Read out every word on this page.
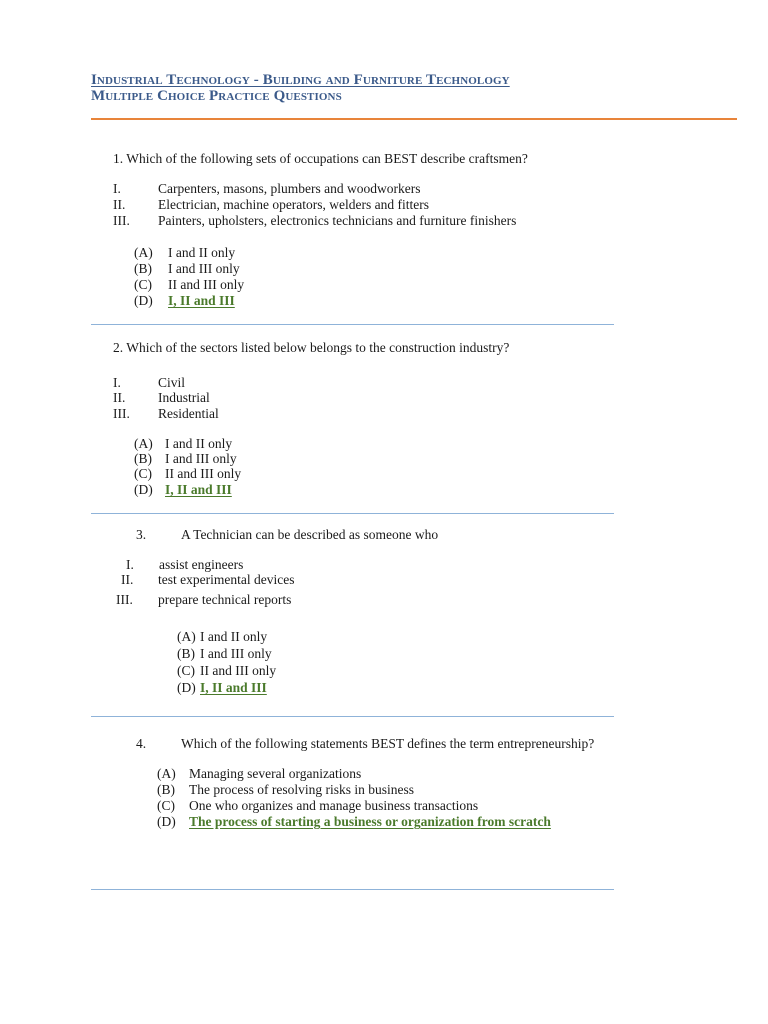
Industrial Technology - Building and Furniture Technology
Multiple Choice Practice Questions
1. Which of the following sets of occupations can BEST describe craftsmen?
I.	Carpenters, masons, plumbers and woodworkers
II. Electrician, machine operators, welders and fitters
III. Painters, upholsters, electronics technicians and furniture finishers
(A) I and II only
(B) I and III only
(C) II and III only
(D) I, II and III
2. Which of the sectors listed below belongs to the construction industry?
I.	Civil
II. Industrial
III. Residential
(A) I and II only
(B) I and III only
(C) II and III only
(D) I, II and III
3.	A Technician can be described as someone who
I. assist engineers
II. test experimental devices
III. prepare technical reports
(A) I and II only
(B) I and III only
(C) II and III only
(D) I, II and III
4.	Which of the following statements BEST defines the term entrepreneurship?
(A) Managing several organizations
(B) The process of resolving risks in business
(C) One who organizes and manage business transactions
(D) The process of starting a business or organization from scratch
